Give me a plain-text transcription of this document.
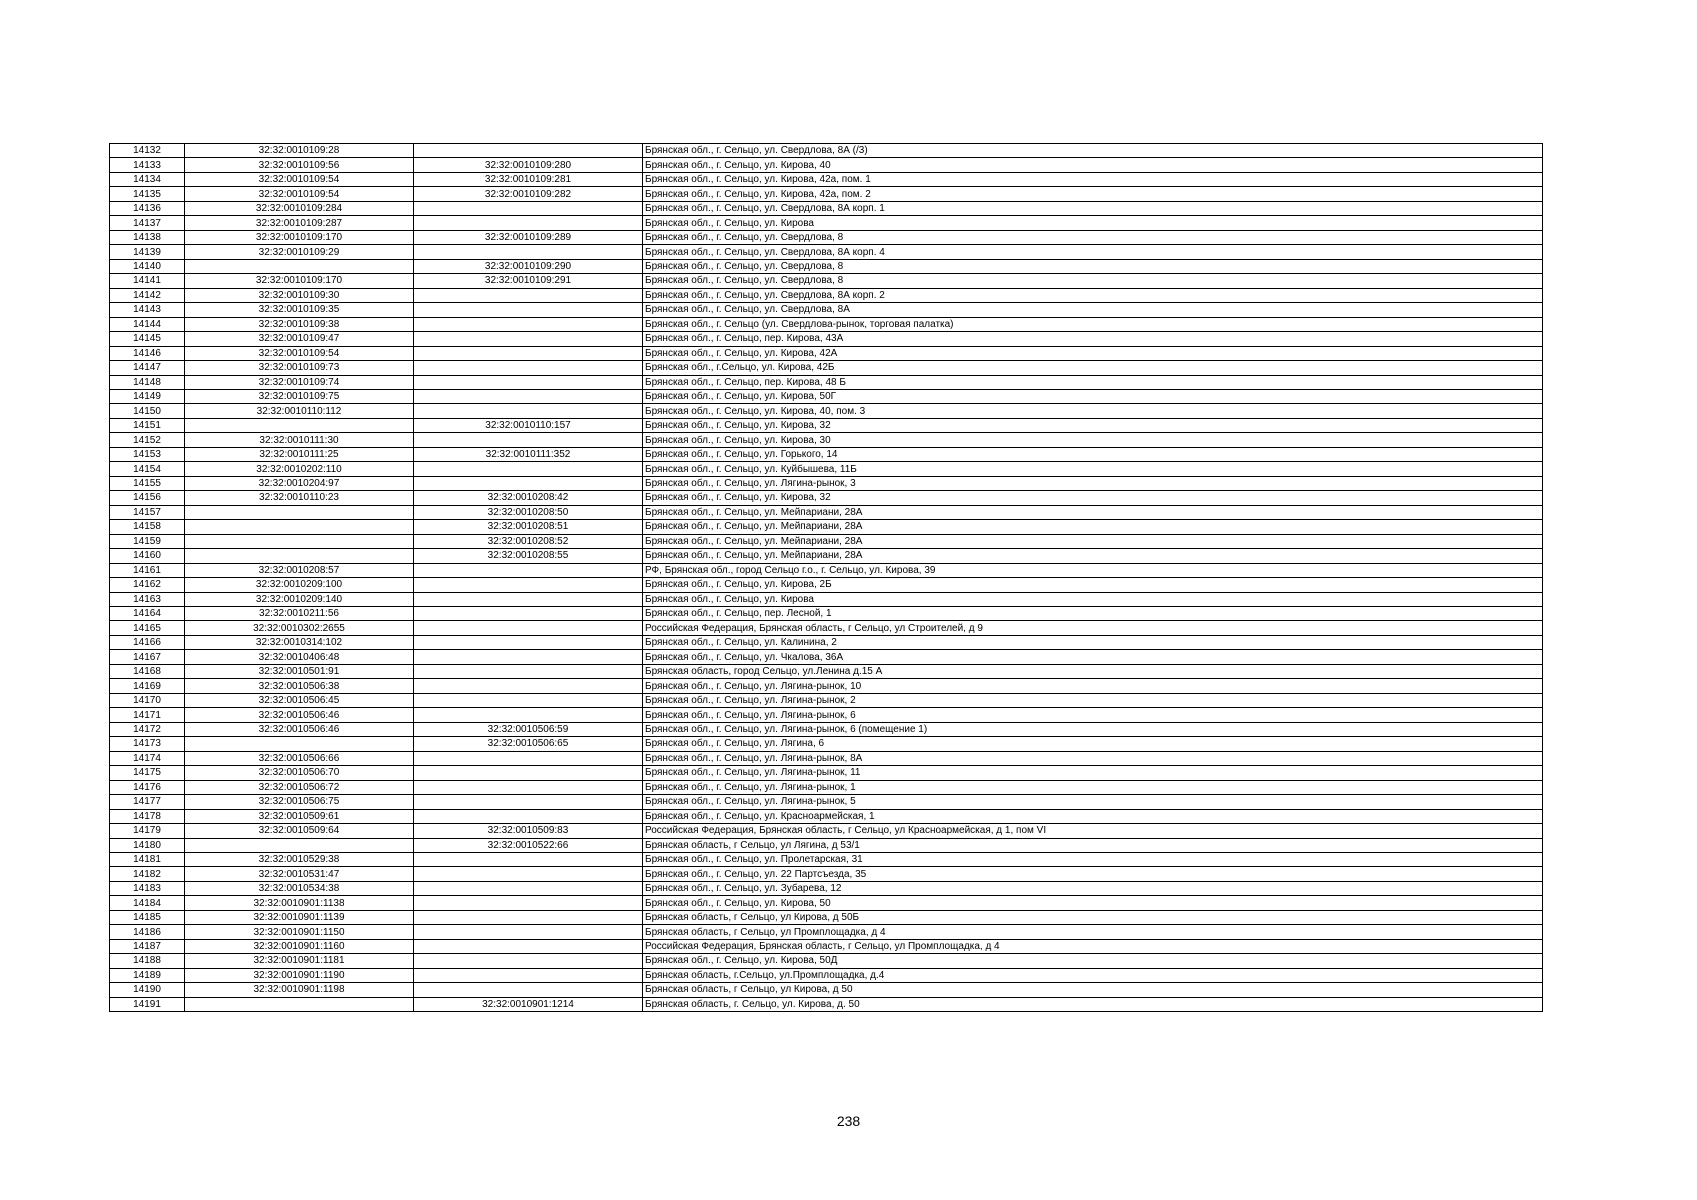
14132	32:32:0010109:28		Брянская обл., г. Сельцо, ул. Свердлова, 8А (/3)
14133	32:32:0010109:56	32:32:0010109:280	Брянская обл., г. Сельцо, ул. Кирова, 40
14134	32:32:0010109:54	32:32:0010109:281	Брянская обл., г. Сельцо, ул. Кирова, 42а, пом. 1
14135	32:32:0010109:54	32:32:0010109:282	Брянская обл., г. Сельцо, ул. Кирова, 42а, пом. 2
14136	32:32:0010109:284		Брянская обл., г. Сельцо, ул. Свердлова, 8А корп. 1
14137	32:32:0010109:287		Брянская обл., г. Сельцо, ул. Кирова
14138	32:32:0010109:170	32:32:0010109:289	Брянская обл., г. Сельцо, ул. Свердлова, 8
14139	32:32:0010109:29		Брянская обл., г. Сельцо, ул. Свердлова, 8А корп. 4
14140		32:32:0010109:290	Брянская обл., г. Сельцо, ул. Свердлова, 8
14141	32:32:0010109:170	32:32:0010109:291	Брянская обл., г. Сельцо, ул. Свердлова, 8
14142	32:32:0010109:30		Брянская обл., г. Сельцо, ул. Свердлова, 8А корп. 2
14143	32:32:0010109:35		Брянская обл., г. Сельцо, ул. Свердлова, 8А
14144	32:32:0010109:38		Брянская обл., г. Сельцо (ул. Свердлова-рынок, торговая палатка)
14145	32:32:0010109:47		Брянская обл., г. Сельцо, пер. Кирова, 43А
14146	32:32:0010109:54		Брянская обл., г. Сельцо, ул. Кирова, 42А
14147	32:32:0010109:73		Брянская обл., г.Сельцо, ул. Кирова, 42Б
14148	32:32:0010109:74		Брянская обл., г. Сельцо, пер. Кирова, 48 Б
14149	32:32:0010109:75		Брянская обл., г. Сельцо, ул. Кирова, 50Г
14150	32:32:0010110:112		Брянская обл., г. Сельцо, ул. Кирова, 40, пом. 3
14151		32:32:0010110:157	Брянская обл., г. Сельцо, ул. Кирова, 32
14152	32:32:0010111:30		Брянская обл., г. Сельцо, ул. Кирова, 30
14153	32:32:0010111:25	32:32:0010111:352	Брянская обл., г. Сельцо, ул. Горького, 14
14154	32:32:0010202:110		Брянская обл., г. Сельцо, ул. Куйбышева, 11Б
14155	32:32:0010204:97		Брянская обл., г. Сельцо, ул. Лягина-рынок, 3
14156	32:32:0010110:23	32:32:0010208:42	Брянская обл., г. Сельцо, ул. Кирова, 32
14157		32:32:0010208:50	Брянская обл., г. Сельцо, ул. Мейпариани, 28А
14158		32:32:0010208:51	Брянская обл., г. Сельцо, ул. Мейпариани, 28А
14159		32:32:0010208:52	Брянская обл., г. Сельцо, ул. Мейпариани, 28А
14160		32:32:0010208:55	Брянская обл., г. Сельцо, ул. Мейпариани, 28А
14161	32:32:0010208:57		РФ, Брянская обл., город Сельцо г.о., г. Сельцо, ул. Кирова, 39
14162	32:32:0010209:100		Брянская обл., г. Сельцо, ул. Кирова, 2Б
14163	32:32:0010209:140		Брянская обл., г. Сельцо, ул. Кирова
14164	32:32:0010211:56		Брянская обл., г. Сельцо, пер. Лесной, 1
14165	32:32:0010302:2655		Российская Федерация, Брянская область, г Сельцо, ул Строителей, д 9
14166	32:32:0010314:102		Брянская обл., г. Сельцо, ул. Калинина, 2
14167	32:32:0010406:48		Брянская обл., г. Сельцо, ул. Чкалова, 36А
14168	32:32:0010501:91		Брянская область, город Сельцо, ул.Ленина д.15 А
14169	32:32:0010506:38		Брянская обл., г. Сельцо, ул. Лягина-рынок, 10
14170	32:32:0010506:45		Брянская обл., г. Сельцо, ул. Лягина-рынок, 2
14171	32:32:0010506:46		Брянская обл., г. Сельцо, ул. Лягина-рынок, 6
14172	32:32:0010506:46	32:32:0010506:59	Брянская обл., г. Сельцо, ул. Лягина-рынок, 6 (помещение 1)
14173		32:32:0010506:65	Брянская обл., г. Сельцо, ул. Лягина, 6
14174	32:32:0010506:66		Брянская обл., г. Сельцо, ул. Лягина-рынок, 8А
14175	32:32:0010506:70		Брянская обл., г. Сельцо, ул. Лягина-рынок, 11
14176	32:32:0010506:72		Брянская обл., г. Сельцо, ул. Лягина-рынок, 1
14177	32:32:0010506:75		Брянская обл., г. Сельцо, ул. Лягина-рынок, 5
14178	32:32:0010509:61		Брянская обл., г. Сельцо, ул. Красноармейская, 1
14179	32:32:0010509:64	32:32:0010509:83	Российская Федерация, Брянская область, г Сельцо, ул Красноармейская, д 1, пом VI
14180		32:32:0010522:66	Брянская область, г Сельцо, ул Лягина, д 53/1
14181	32:32:0010529:38		Брянская обл., г. Сельцо, ул. Пролетарская, 31
14182	32:32:0010531:47		Брянская обл., г. Сельцо, ул. 22 Партсъезда, 35
14183	32:32:0010534:38		Брянская обл., г. Сельцо, ул. Зубарева, 12
14184	32:32:0010901:1138		Брянская обл., г. Сельцо, ул. Кирова, 50
14185	32:32:0010901:1139		Брянская область, г Сельцо, ул Кирова, д 50Б
14186	32:32:0010901:1150		Брянская область, г Сельцо, ул Промплощадка, д 4
14187	32:32:0010901:1160		Российская Федерация, Брянская область, г Сельцо, ул Промплощадка, д 4
14188	32:32:0010901:1181		Брянская обл., г. Сельцо, ул. Кирова, 50Д
14189	32:32:0010901:1190		Брянская область, г.Сельцо, ул.Промплощадка, д.4
14190	32:32:0010901:1198		Брянская область, г Сельцо, ул Кирова, д 50
14191		32:32:0010901:1214	Брянская область, г. Сельцо, ул. Кирова, д. 50
238
